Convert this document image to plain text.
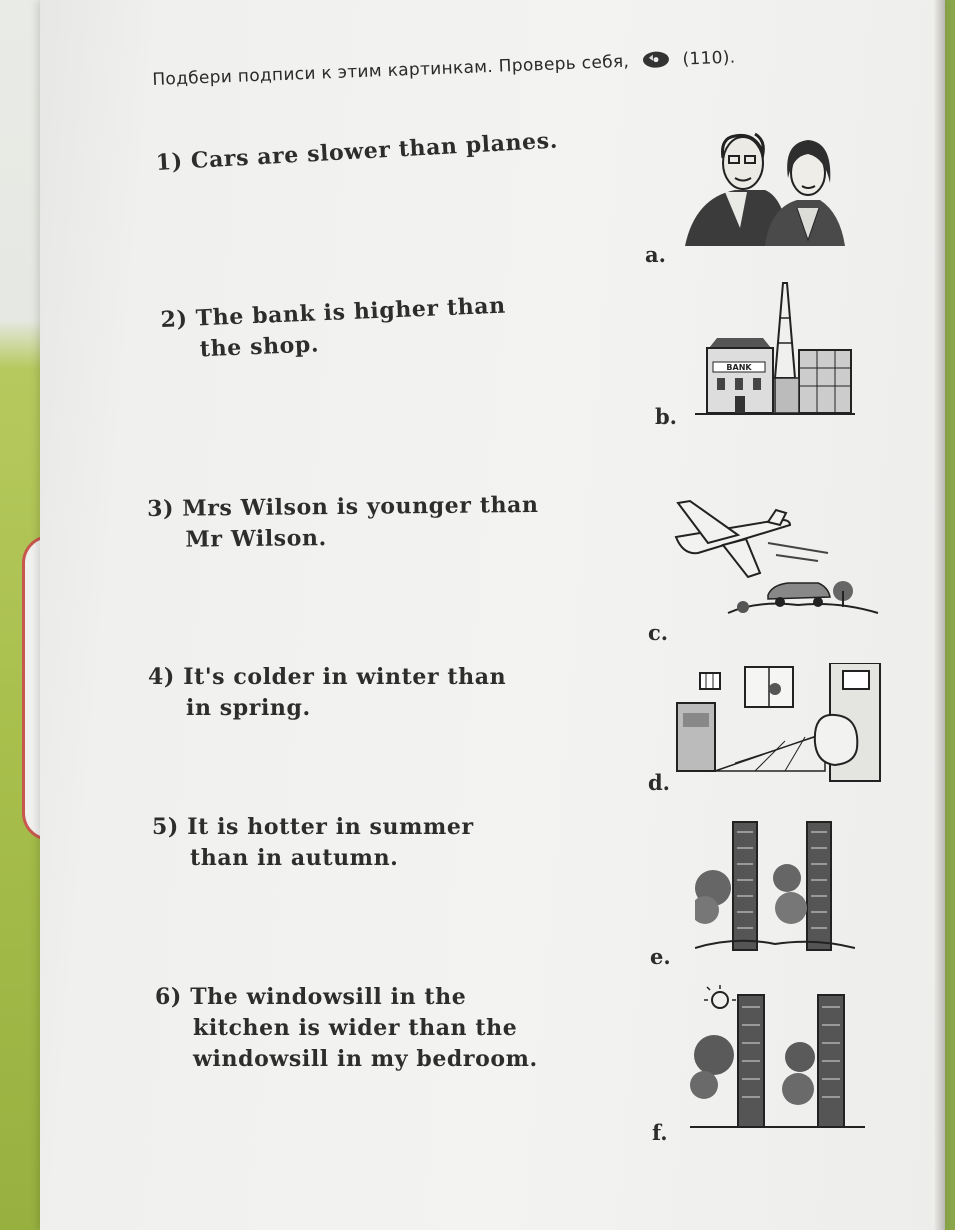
Подбери подписи к этим картинкам. Проверь себя,	(110).
1) Cars are slower than planes.
2) The bank is higher than
the shop.
3) Mrs Wilson is younger than
Mr Wilson.
4) It's colder in winter than
in spring.
5) It is hotter in summer
than in autumn.
6) The windowsill in the
kitchen is wider than the
windowsill in my bedroom.
a.
b.
c.
d.
e.
f.
BANK
